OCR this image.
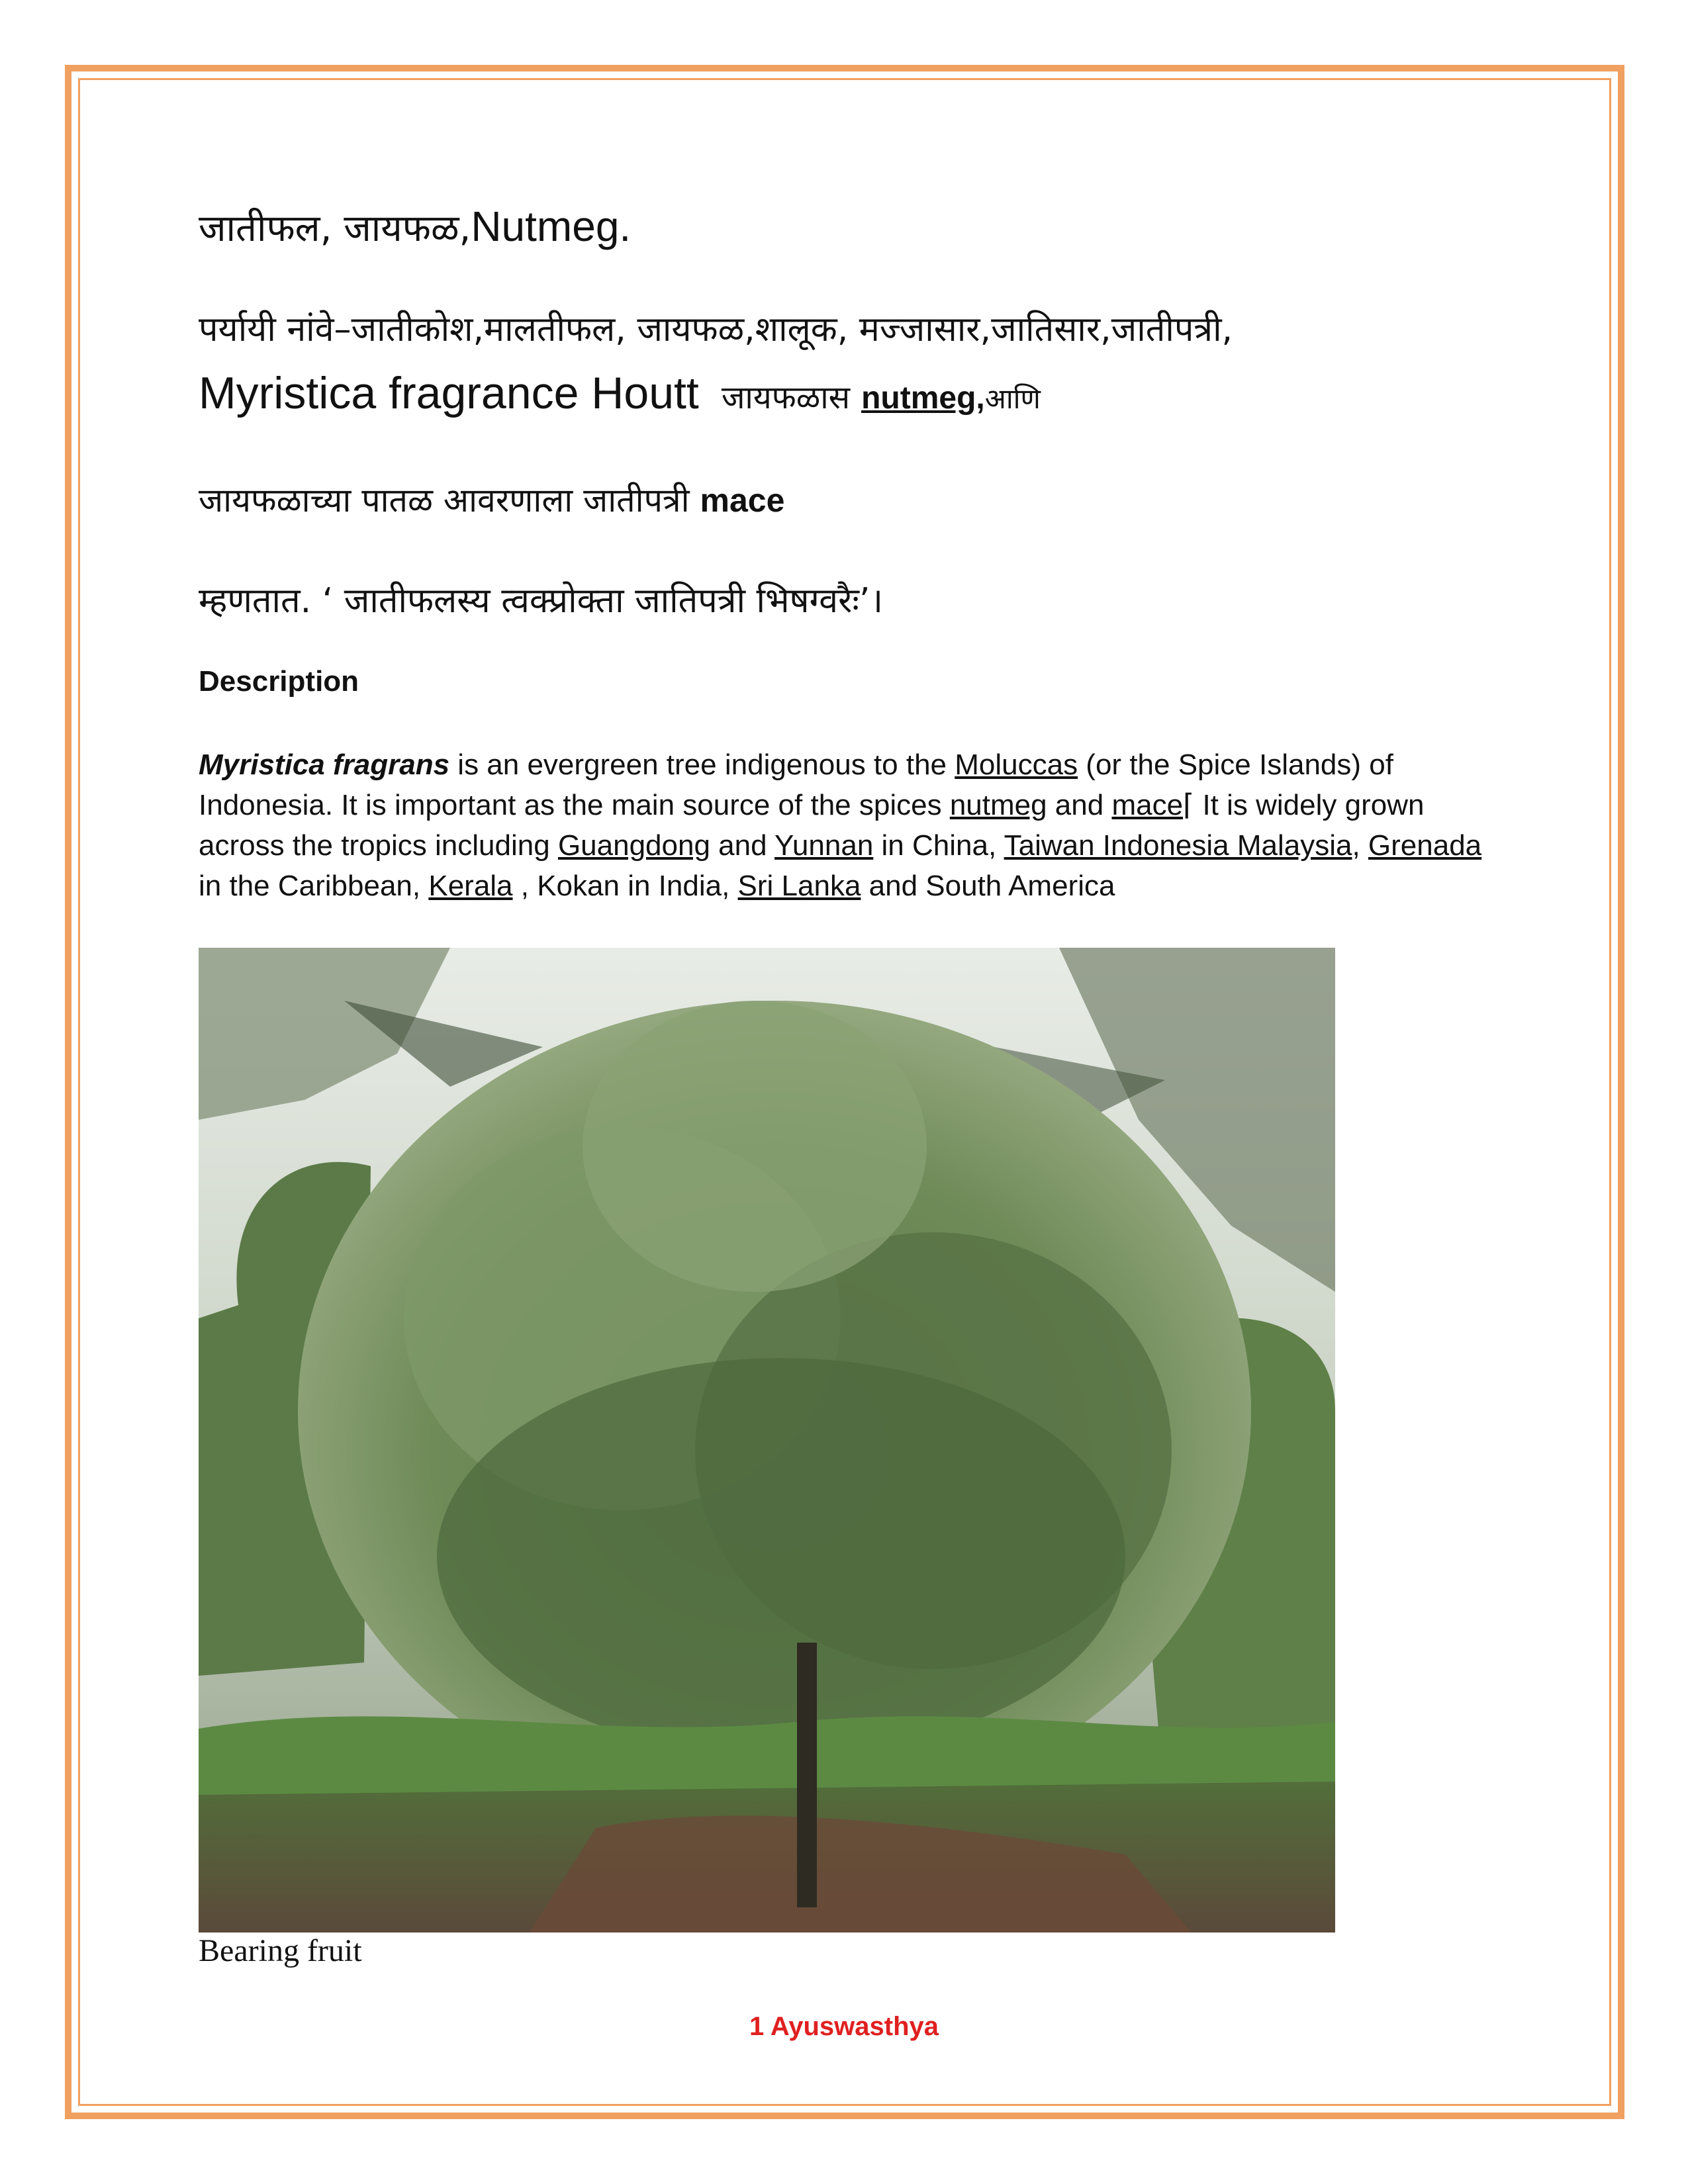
जातीफल, जायफळ,Nutmeg.
पर्यायी नांवे–जातीकोश,मालतीफल, जायफळ,शालूक, मज्जासार,जातिसार,जातीपत्री,
Myristica fragrance Houtt जायफळास nutmeg,आणि
जायफळाच्या पातळ आवरणाला जातीपत्री mace
म्हणतात. ‘ जातीफलस्य त्वक्प्रोक्ता जातिपत्री भिषग्वरैः’।
Description
Myristica fragrans is an evergreen tree indigenous to the Moluccas (or the Spice Islands) of Indonesia. It is important as the main source of the spices nutmeg and mace⌈ It is widely grown across the tropics including Guangdong and Yunnan in China, Taiwan Indonesia Malaysia, Grenada in the Caribbean, Kerala , Kokan in India, Sri Lanka and South America
Bearing fruit
1 Ayuswasthya
